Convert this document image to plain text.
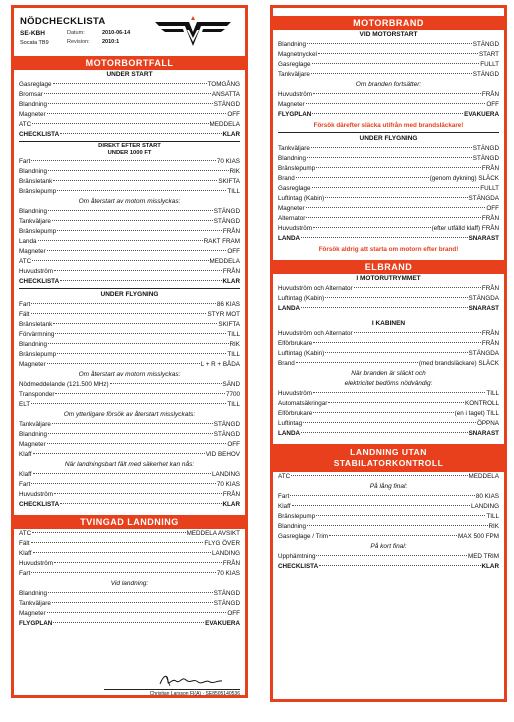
NÖDCHECKLISTA
SE-KBH
Socata TB9
Datum:	2010-06-14
Revision: 2010:1
MOTORBORTFALL
UNDER START
Gasreglage	TOMGÅNG
Bromsar	ANSATTA
Blandning	STÄNGD
Magneter	OFF
ATC	MEDDELA
CHECKLISTA	KLAR
DIREKT EFTER START
UNDER 1000 FT
Fart	70 KIAS
Blandning	RIK
Bränsletank	SKIFTA
Bränslepump	TILL
Om återstart av motorn misslyckas:
Blandning	STÄNGD
Tankväljare	STÄNGD
Bränslepump	FRÅN
Landa	RAKT FRAM
Magneter	OFF
ATC	MEDDELA
Huvudström	FRÅN
CHECKLISTA	KLAR
UNDER FLYGNING
Fart	86 KIAS
Fält	STYR MOT
Bränsletank	SKIFTA
Förvärmning	TILL
Blandning	RIK
Bränslepump	TILL
Magneter	L + R + BÅDA
Om återstart av motorn misslyckas:
Nödmeddelande (121.500 MHz)	SÄND
Transponder	7700
ELT	TILL
Om ytterligare försök av återstart misslyckats:
Tankväljare	STÄNGD
Blandning	STÄNGD
Magneter	OFF
Klaff	VID BEHOV
När landningsbart fält med säkerhet kan nås:
Klaff	LANDING
Fart	70 KIAS
Huvudström	FRÅN
CHECKLISTA	KLAR
TVINGAD LANDNING
ATC	MEDDELA AVSIKT
Fält	FLYG ÖVER
Klaff	LANDING
Huvudström	FRÅN
Fart	70 KIAS
Vid landning:
Blandning	STÄNGD
Tankväljare	STÄNGD
Magneter	OFF
FLYGPLAN	EVAKUERA
Christian Larsson FI(A) · SE8505140536
MOTORBRAND
VID MOTORSTART
Blandning	STÄNGD
Magnetnyckel	START
Gasreglage	FULLT
Tankväljare	STÄNGD
Om branden fortsätter:
Huvudström	FRÅN
Magneter	OFF
FLYGPLAN	EVAKUERA
Försök därefter släcka utifrån med brandsläckare!
UNDER FLYGNING
Tankväljare	STÄNGD
Blandning	STÄNGD
Bränslepump	FRÅN
Brand	(genom dykning) SLÄCK
Gasreglage	FULLT
Luftintag (Kabin)	STÄNGDA
Magneter	OFF
Alternator	FRÅN
Huvudström	(efter utfälld klaff) FRÅN
LANDA	SNARAST
Försök aldrig att starta om motorn efter brand!
ELBRAND
I MOTORUTRYMMET
Huvudström och Alternator	FRÅN
Luftintag (Kabin)	STÄNGDA
LANDA	SNARAST
I KABINEN
Huvudström och Alternator	FRÅN
Elförbrukare	FRÅN
Luftintag (Kabin)	STÄNGDA
Brand	(med brandsläckare) SLÄCK
När branden är släckt och
elektricitet bedöms nödvändig:
Huvudström	TILL
Automatsäkringar	KONTROLL
Elförbrukare	(en i taget) TILL
Luftintag	ÖPPNA
LANDA	SNARAST
LANDNING UTAN
STABILATORKONTROLL
ATC	MEDDELA
På lång final:
Fart	80 KIAS
Klaff	LANDING
Bränslepump	TILL
Blandning	RIK
Gasreglage / Trim	MAX 500 FPM
På kort final:
Upphämtning	MED TRIM
CHECKLISTA	KLAR
